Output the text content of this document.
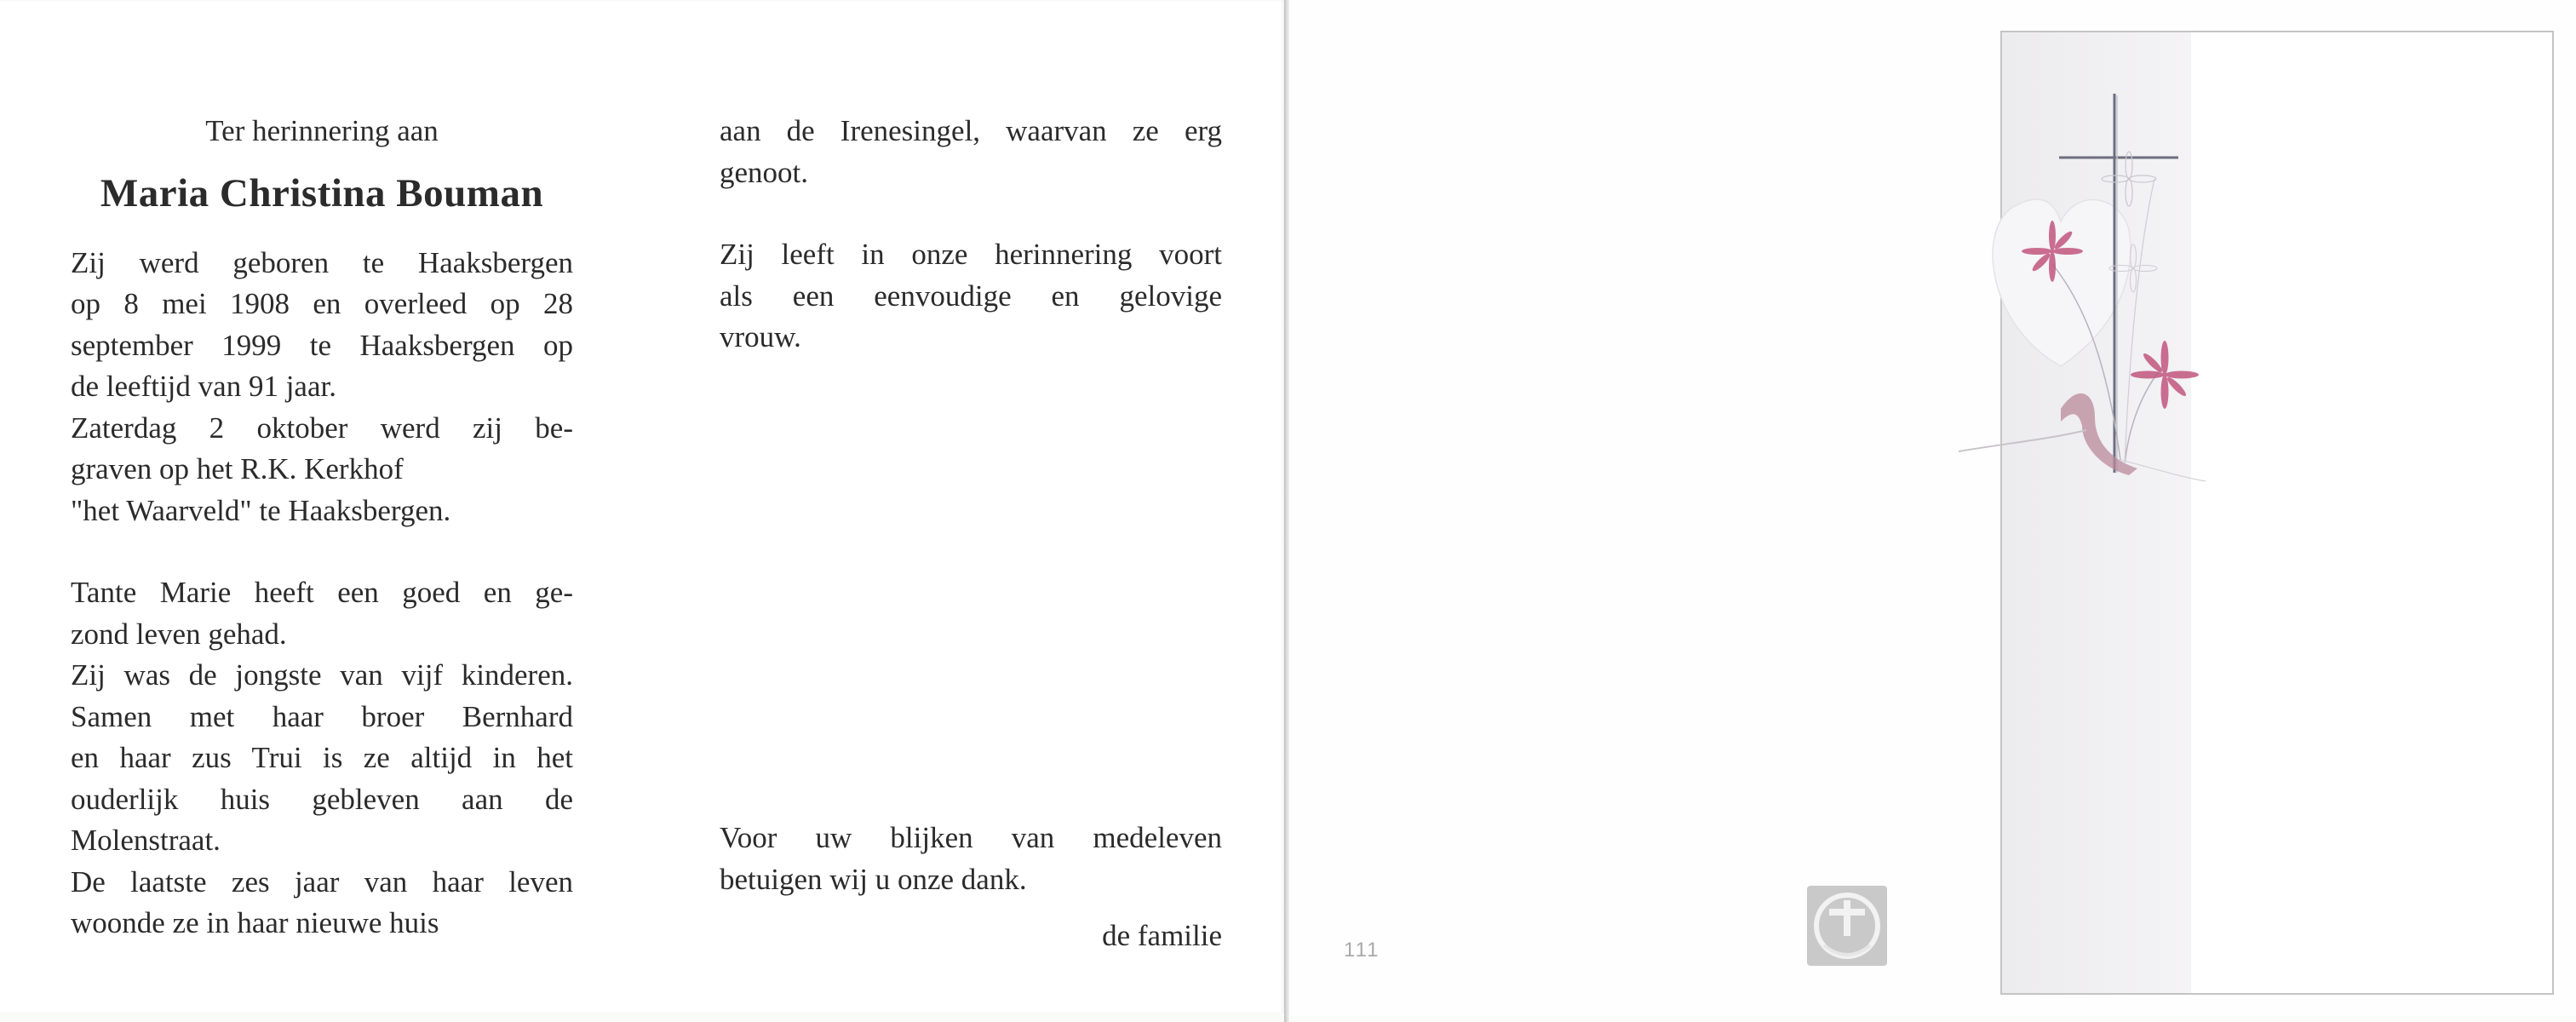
Ter herinnering aan

Maria Christina Bouman

Zij werd geboren te Haaksbergen
op 8 mei 1908 en overleed op 28
september 1999 te Haaksbergen op
de leeftijd van 91 jaar.
Zaterdag 2 oktober werd zij be-
graven op het R.K. Kerkhof
"het Waarveld" te Haaksbergen.

Tante Marie heeft een goed en ge-
zond leven gehad.
Zij was de jongste van vijf kinderen.
Samen met haar broer Bernhard
en haar zus Trui is ze altijd in het
ouderlijk huis gebleven aan de
Molenstraat.
De laatste zes jaar van haar leven
woonde ze in haar nieuwe huis

aan de Irenesingel, waarvan ze erg
genoot.

Zij leeft in onze herinnering voort
als een eenvoudige en gelovige
vrouw.

Voor uw blijken van medeleven
betuigen wij u onze dank.

de familie	111
